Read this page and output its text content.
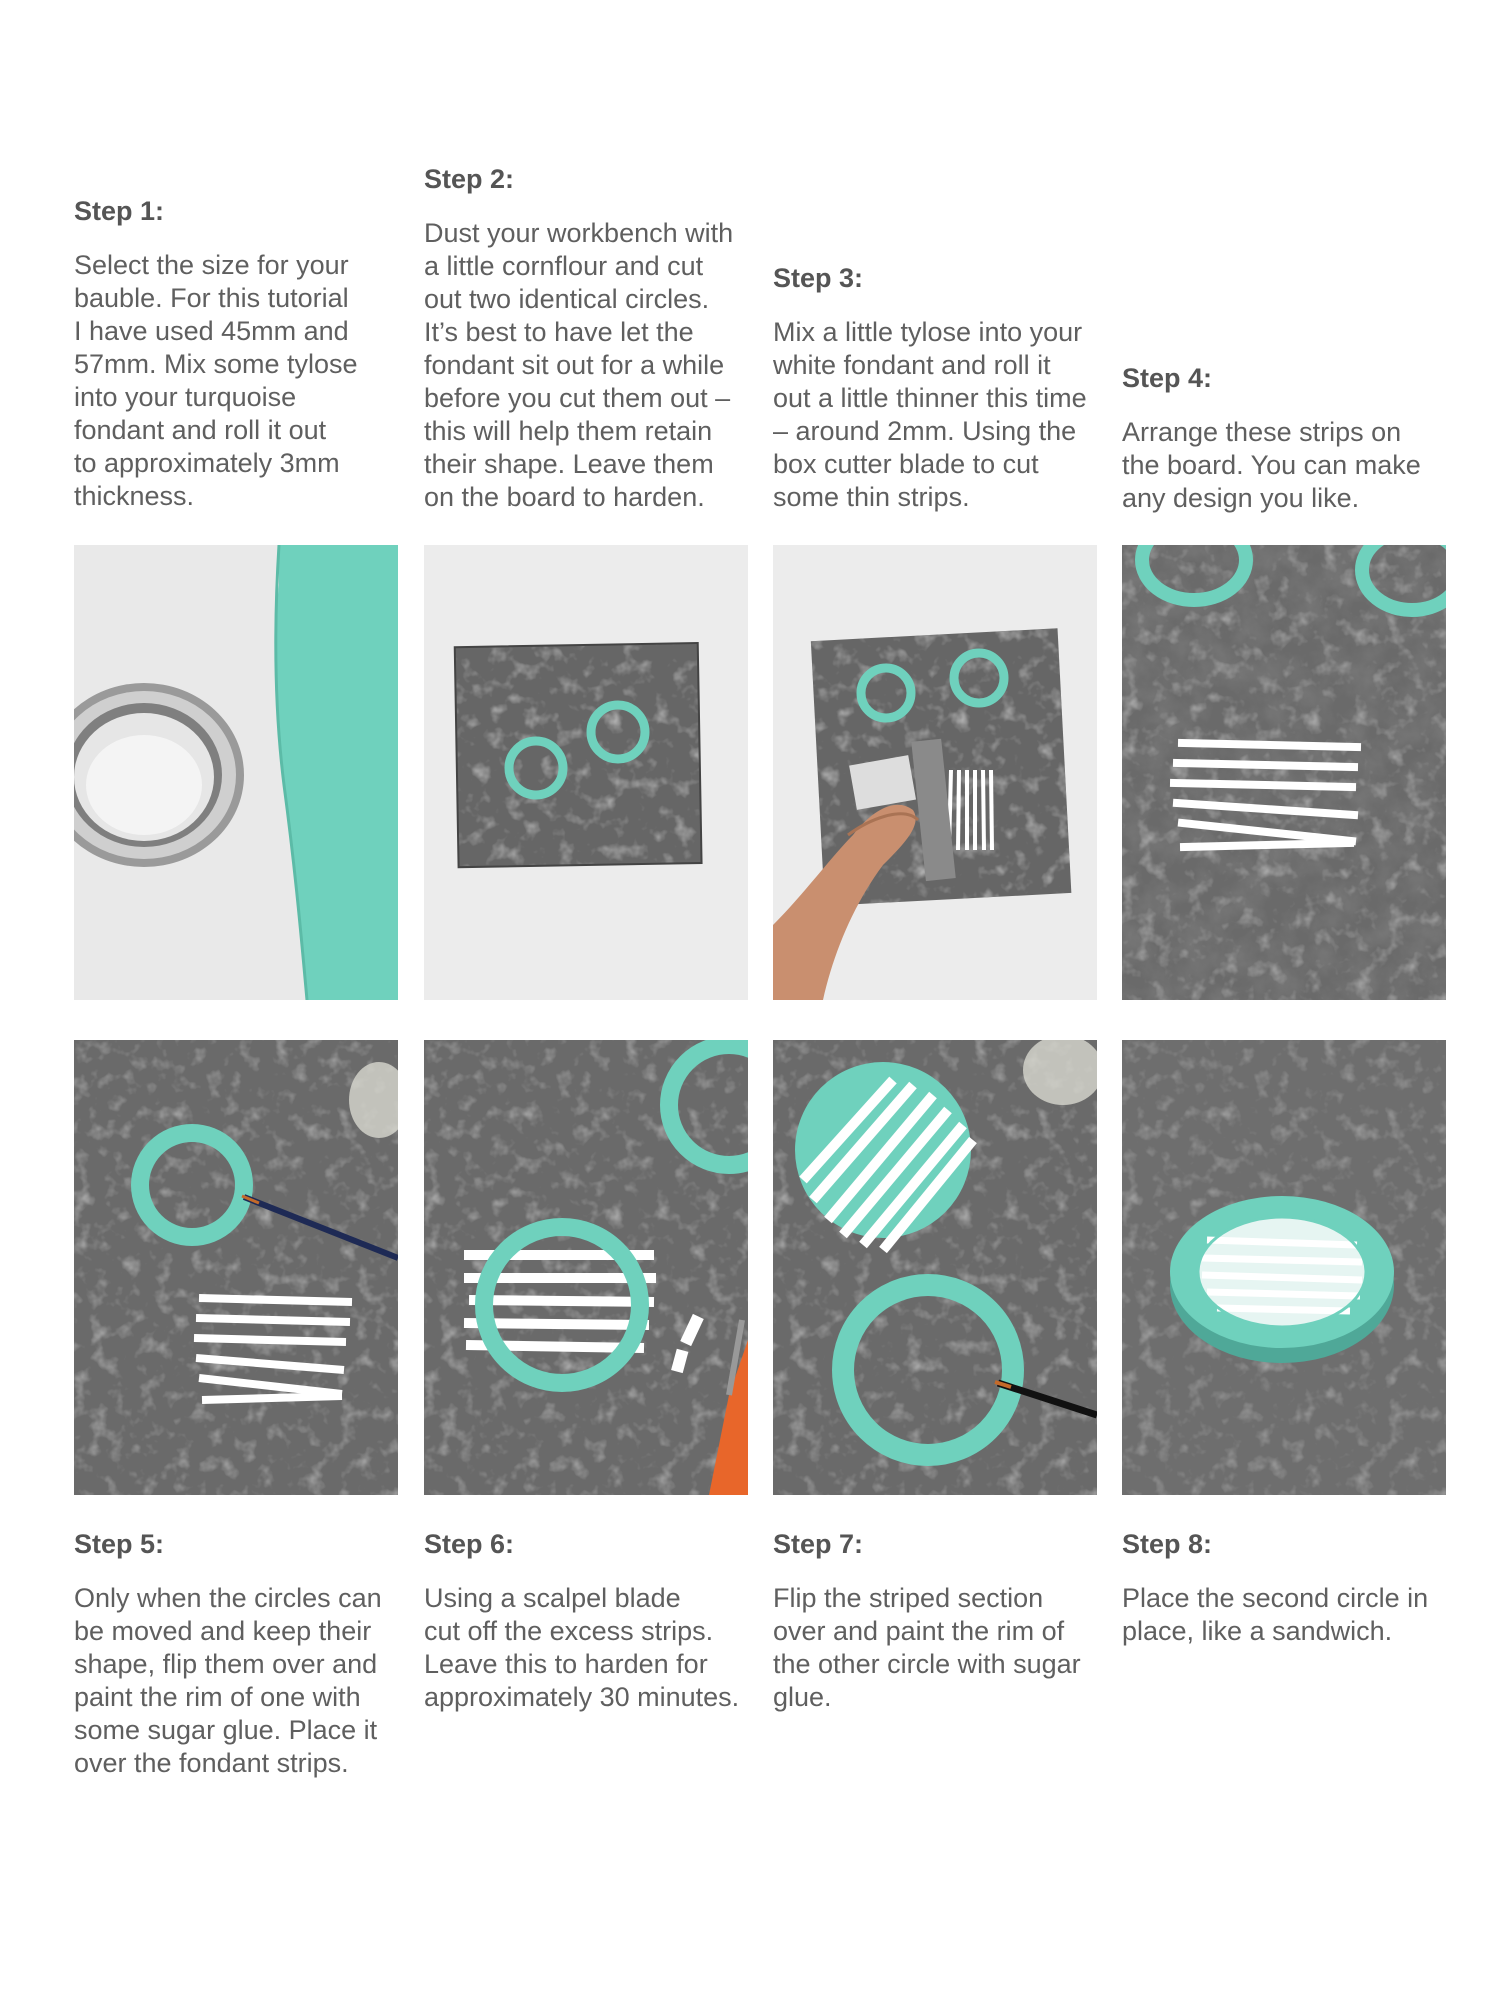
Step 1:

Select the size for your
bauble. For this tutorial
I have used 45mm and
57mm. Mix some tylose
into your turquoise
fondant and roll it out
to approximately 3mm
thickness.

Step 2:

Dust your workbench with
a little cornflour and cut
out two identical circles.
It’s best to have let the
fondant sit out for a while
before you cut them out –
this will help them retain
their shape. Leave them
on the board to harden.

Step 3:

Mix a little tylose into your
white fondant and roll it
out a little thinner this time
– around 2mm. Using the
box cutter blade to cut
some thin strips.

Step 4:

Arrange these strips on
the board. You can make
any design you like.

Step 5:

Only when the circles can
be moved and keep their
shape, flip them over and
paint the rim of one with
some sugar glue. Place it
over the fondant strips.

Step 6:

Using a scalpel blade
cut off the excess strips.
Leave this to harden for
approximately 30 minutes.

Step 7:

Flip the striped section
over and paint the rim of
the other circle with sugar
glue.

Step 8:

Place the second circle in
place, like a sandwich.
